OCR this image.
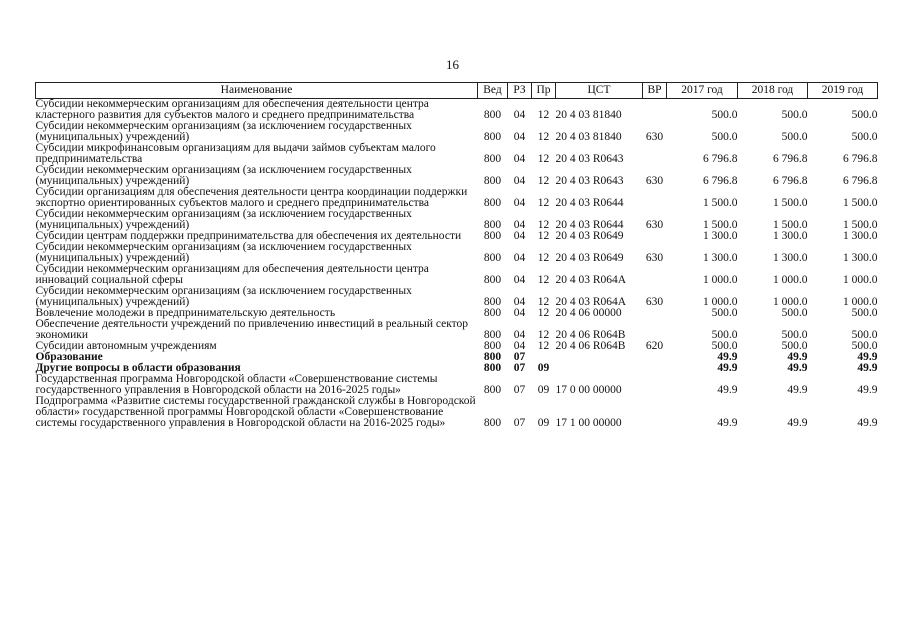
16
Наименование	Вед	РЗ	Пр	ЦСТ	ВР	2017 год	2018 год	2019 год
Субсидии некоммерческим организациям для обеспечения деятельности центра кластерного развития для субъектов малого и среднего предпринимательства	800	04	12	20 4 03 81840		500.0	500.0	500.0
Субсидии некоммерческим организациям (за исключением государственных (муниципальных) учреждений)	800	04	12	20 4 03 81840	630	500.0	500.0	500.0
Субсидии микрофинансовым организациям для выдачи займов субъектам малого предпринимательства	800	04	12	20 4 03 R0643		6 796.8	6 796.8	6 796.8
Субсидии некоммерческим организациям (за исключением государственных (муниципальных) учреждений)	800	04	12	20 4 03 R0643	630	6 796.8	6 796.8	6 796.8
Субсидии организациям для обеспечения деятельности центра координации поддержки экспортно ориентированных субъектов малого и среднего предпринимательства	800	04	12	20 4 03 R0644		1 500.0	1 500.0	1 500.0
Субсидии некоммерческим организациям (за исключением государственных (муниципальных) учреждений)	800	04	12	20 4 03 R0644	630	1 500.0	1 500.0	1 500.0
Субсидии центрам поддержки предпринимательства для обеспечения их деятельности	800	04	12	20 4 03 R0649		1 300.0	1 300.0	1 300.0
Субсидии некоммерческим организациям (за исключением государственных (муниципальных) учреждений)	800	04	12	20 4 03 R0649	630	1 300.0	1 300.0	1 300.0
Субсидии некоммерческим организациям для обеспечения деятельности центра инноваций социальной сферы	800	04	12	20 4 03 R064A		1 000.0	1 000.0	1 000.0
Субсидии некоммерческим организациям (за исключением государственных (муниципальных) учреждений)	800	04	12	20 4 03 R064A	630	1 000.0	1 000.0	1 000.0
Вовлечение молодежи в предпринимательскую деятельность	800	04	12	20 4 06 00000		500.0	500.0	500.0
Обеспечение деятельности учреждений по привлечению инвестиций в реальный сектор экономики	800	04	12	20 4 06 R064B		500.0	500.0	500.0
Субсидии автономным учреждениям	800	04	12	20 4 06 R064B	620	500.0	500.0	500.0
Образование	800	07				49.9	49.9	49.9
Другие вопросы в области образования	800	07	09			49.9	49.9	49.9
Государственная программа Новгородской области «Совершенствование системы государственного управления в Новгородской области на 2016-2025 годы»	800	07	09	17 0 00 00000		49.9	49.9	49.9
Подпрограмма «Развитие системы государственной гражданской службы в Новгородской области» государственной программы Новгородской области «Совершенствование системы государственного управления в Новгородской области на 2016-2025 годы»	800	07	09	17 1 00 00000		49.9	49.9	49.9
